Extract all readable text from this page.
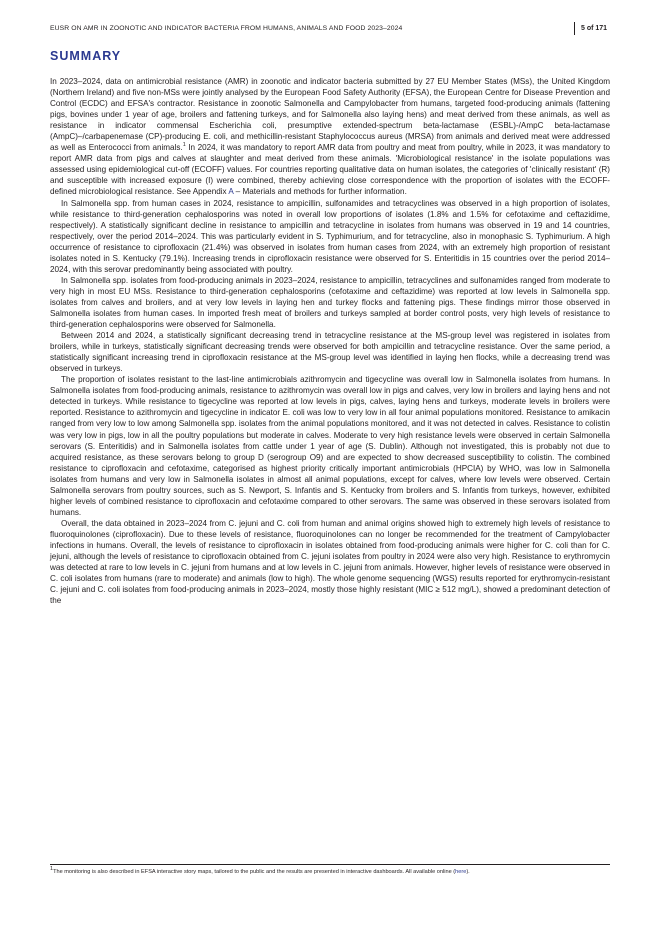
EUSR ON AMR IN ZOONOTIC AND INDICATOR BACTERIA FROM HUMANS, ANIMALS AND FOOD 2023–2024	5 of 171
SUMMARY

In 2023–2024, data on antimicrobial resistance (AMR) in zoonotic and indicator bacteria submitted by 27 EU Member States (MSs), the United Kingdom (Northern Ireland) and five non-MSs were jointly analysed by the European Food Safety Authority (EFSA), the European Centre for Disease Prevention and Control (ECDC) and EFSA's contractor. Resistance in zoonotic Salmonella and Campylobacter from humans, targeted food-producing animals (fattening pigs, bovines under 1 year of age, broilers and fattening turkeys, and for Salmonella also laying hens) and meat derived from these animals, as well as resistance in indicator commensal Escherichia coli, presumptive extended-spectrum beta-lactamase (ESBL)-/AmpC beta-lactamase (AmpC)–/carbapenemase (CP)-producing E. coli, and methicillin-resistant Staphylococcus aureus (MRSA) from animals and derived meat were addressed as well as Enterococci from animals.$^1$ In 2024, it was mandatory to report AMR data from poultry and meat from poultry, while in 2023, it was mandatory to report AMR data from pigs and calves at slaughter and meat derived from these animals. 'Microbiological resistance' in the isolate populations was assessed using epidemiological cut-off (ECOFF) values. For countries reporting qualitative data on human isolates, the categories of 'clinically resistant' (R) and susceptible with increased exposure (I) were combined, thereby achieving close correspondence with the proportion of isolates with the ECOFF-defined microbiological resistance. See Appendix A – Materials and methods for further information.

In Salmonella spp. from human cases in 2024, resistance to ampicillin, sulfonamides and tetracyclines was observed in a high proportion of isolates, while resistance to third-generation cephalosporins was noted in overall low proportions of isolates (1.8% and 1.5% for cefotaxime and ceftazidime, respectively). A statistically significant decline in resistance to ampicillin and tetracycline in isolates from humans was observed in 19 and 14 countries, respectively, over the period 2014–2024. This was particularly evident in S. Typhimurium, and for tetracycline, also in monophasic S. Typhimurium. A high occurrence of resistance to ciprofloxacin (21.4%) was observed in isolates from human cases from 2024, with an extremely high proportion of resistant isolates noted in S. Kentucky (79.1%). Increasing trends in ciprofloxacin resistance were observed for S. Enteritidis in 15 countries over the period 2014–2024, with this serovar predominantly being associated with poultry.

In Salmonella spp. isolates from food-producing animals in 2023–2024, resistance to ampicillin, tetracyclines and sulfonamides ranged from moderate to very high in most EU MSs. Resistance to third-generation cephalosporins (cefotaxime and ceftazidime) was reported at low levels in Salmonella spp. isolates from calves and broilers, and at very low levels in laying hen and turkey flocks and fattening pigs. These findings mirror those observed in Salmonella isolates from human cases. In imported fresh meat of broilers and turkeys sampled at border control posts, very high levels of resistance to third-generation cephalosporins were observed for Salmonella.

Between 2014 and 2024, a statistically significant decreasing trend in tetracycline resistance at the MS-group level was registered in isolates from broilers, while in turkeys, statistically significant decreasing trends were observed for both ampicillin and tetracycline resistance. Over the same period, a statistically significant increasing trend in ciprofloxacin resistance at the MS-group level was identified in laying hen flocks, while a decreasing trend was observed in turkeys.

The proportion of isolates resistant to the last-line antimicrobials azithromycin and tigecycline was overall low in Salmonella isolates from humans. In Salmonella isolates from food-producing animals, resistance to azithromycin was overall low in pigs and calves, very low in broilers and laying hens and not detected in turkeys. While resistance to tigecycline was reported at low levels in pigs, calves, laying hens and turkeys, moderate levels in broilers were reported. Resistance to azithromycin and tigecycline in indicator E. coli was low to very low in all four animal populations monitored. Resistance to amikacin ranged from very low to low among Salmonella spp. isolates from the animal populations monitored, and it was not detected in calves. Resistance to colistin was very low in pigs, low in all the poultry populations but moderate in calves. Moderate to very high resistance levels were observed in certain Salmonella serovars (S. Enteritidis) and in Salmonella isolates from cattle under 1 year of age (S. Dublin). Although not investigated, this is probably not due to acquired resistance, as these serovars belong to group D (serogroup O9) and are expected to show decreased susceptibility to colistin. The combined resistance to ciprofloxacin and cefotaxime, categorised as highest priority critically important antimicrobials (HPCIA) by WHO, was low in Salmonella isolates from humans and very low in Salmonella isolates in almost all animal populations, except for calves, where low levels were observed. Certain Salmonella serovars from poultry sources, such as S. Newport, S. Infantis and S. Kentucky from broilers and S. Infantis from turkeys, however, exhibited higher levels of combined resistance to ciprofloxacin and cefotaxime compared to other serovars. The same was observed in these serovars isolated from humans.

Overall, the data obtained in 2023–2024 from C. jejuni and C. coli from human and animal origins showed high to extremely high levels of resistance to fluoroquinolones (ciprofloxacin). Due to these levels of resistance, fluoroquinolones can no longer be recommended for the treatment of Campylobacter infections in humans. Overall, the levels of resistance to ciprofloxacin in isolates obtained from food-producing animals were higher for C. coli than for C. jejuni, although the levels of resistance to ciprofloxacin obtained from C. jejuni isolates from poultry in 2024 were also very high. Resistance to erythromycin was detected at rare to low levels in C. jejuni from humans and at low levels in C. jejuni from animals. However, higher levels of resistance were observed in C. coli isolates from humans (rare to moderate) and animals (low to high). The whole genome sequencing (WGS) results reported for erythromycin-resistant C. jejuni and C. coli isolates from food-producing animals in 2023–2024, mostly those highly resistant (MIC ≥ 512 mg/L), showed a predominant detection of the

$^1$The monitoring is also described in EFSA interactive story maps, tailored to the public and the results are presented in interactive dashboards. All available online (here).
